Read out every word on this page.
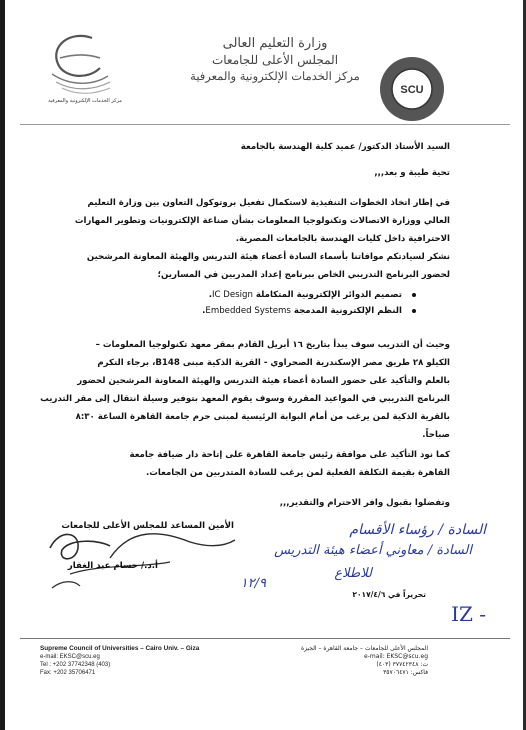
مركز الخدمات الإلكترونية والمعرفية
وزارة التعليم العالى
المجلس الأعلى للجامعات
مركز الخدمات الإلكترونية والمعرفية
SCU
السيد الأستاذ الدكتور/ عميد كلية الهندسة بالجامعة
تحية طيبة و بعد,,,
في إطار اتخاذ الخطوات التنفيذية لاستكمال تفعيل بروتوكول التعاون بين وزارة التعليم
العالي ووزارة الاتصالات وتكنولوجيا المعلومات بشأن صناعة الإلكترونيات وتطوير المهارات
الاحترافية داخل كليات الهندسة بالجامعات المصرية.
نشكر لسيادتكم موافاتنا بأسماء السادة أعضاء هيئة التدريس والهيئة المعاونة المرشحين
لحضور البرنامج التدريبي الخاص ببرنامج إعداد المدربين في المسارين؛
تصميم الدوائر الإلكترونية المتكاملة IC Design.
النظم الإلكترونية المدمجة Embedded Systems.
وحيث أن التدريب سوف يبدأ بتاريخ ١٦ أبريل القادم بمقر معهد تكنولوجيا المعلومات –
الكيلو ٢٨ طريق مصر الإسكندرية الصحراوي - القرية الذكية مبنى B148، برجاء التكرم
بالعلم والتأكيد على حضور السادة أعضاء هيئة التدريس والهيئة المعاونة المرشحين لحضور
البرنامج التدريبي في المواعيد المقررة وسوف يقوم المعهد بتوفير وسيلة انتقال إلى مقر التدريب
بالقرية الذكية لمن يرغب من أمام البوابة الرئيسية لمبنى حرم جامعة القاهرة الساعة ٨:٣٠
صباحاً.
كما نود التأكيد على موافقة رئيس جامعة القاهرة على إتاحة دار ضيافة جامعة
القاهرة بقيمة التكلفة الفعلية لمن يرغب للسادة المتدربين من الجامعات.
وتفضلوا بقبول وافر الاحترام والتقدير,,,
الأمين المساعد للمجلس الأعلى للجامعات
أ.د./ حسام عبد الغفار
السادة / رؤساء الأقسام
السادة / معاوني أعضاء هيئة التدريس
للاطلاع
١٢/٩
IZ -
تحريراً في ٢٠١٧/٤/٦
Supreme Council of Universities – Cairo Univ. – Giza
e-mail: EKSC@scu.eg
Tel : +202 37742348 (403)
Fax: +202 35706471
المجلس الأعلى للجامعات – جامعة القاهرة – الجيزة
e-mail: EKSC@scu.eg
ت: ٣٧٧٤٢٣٤٨ (٤٠٣)
فاكس: ٣٥٧٠٦٤٧١
